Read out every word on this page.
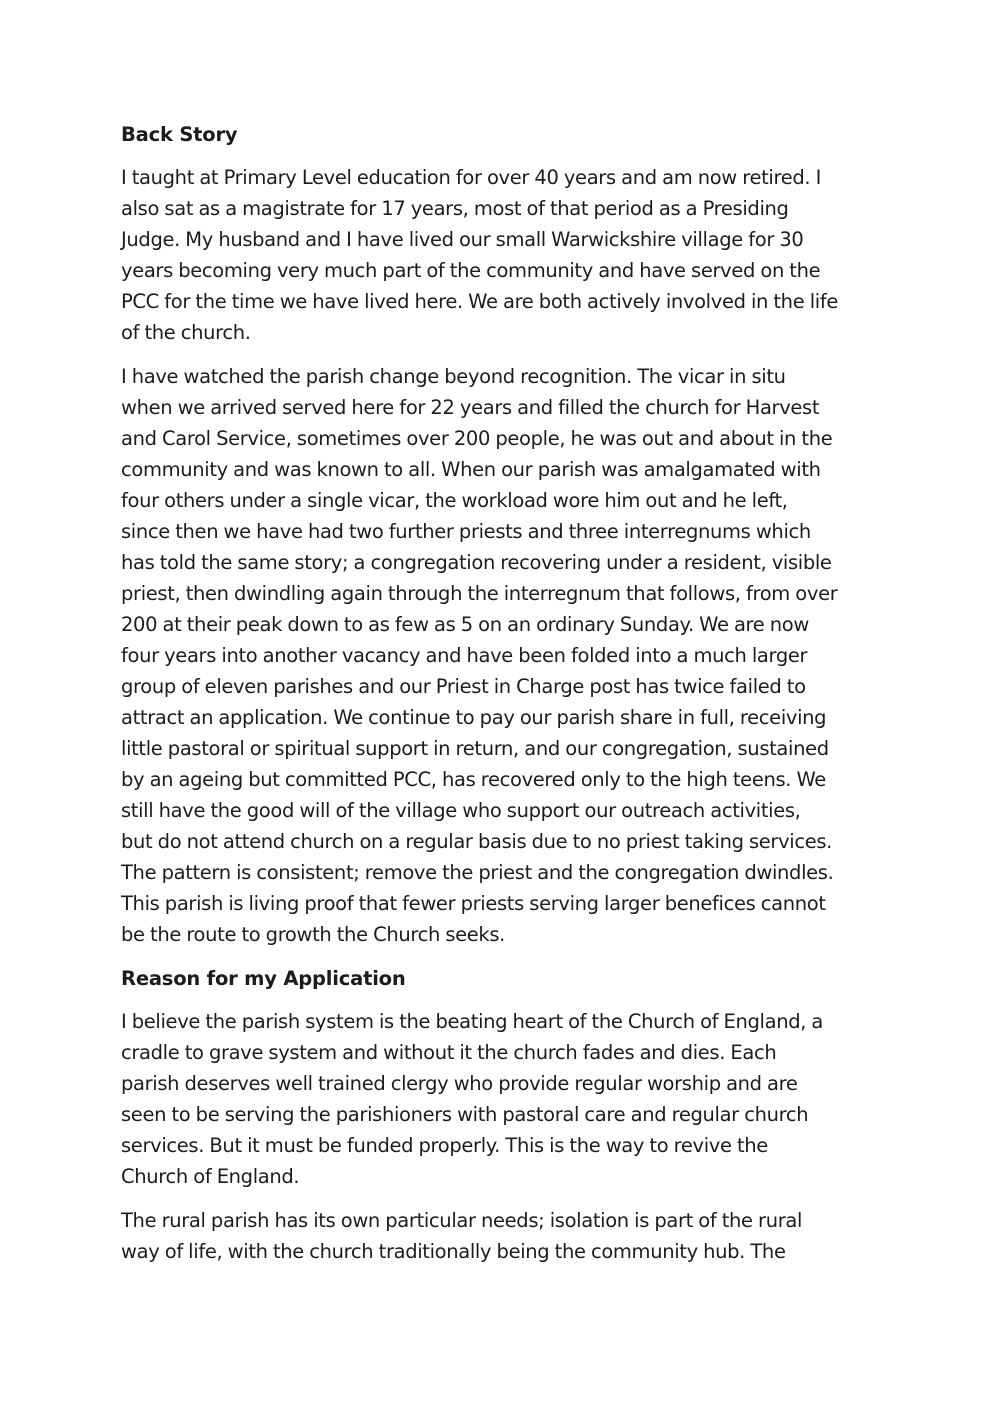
Back Story
I taught at Primary Level education for over 40 years and am now retired. I
also sat as a magistrate for 17 years, most of that period as a Presiding
Judge. My husband and I have lived our small Warwickshire village for 30
years becoming very much part of the community and have served on the
PCC for the time we have lived here. We are both actively involved in the life
of the church.
I have watched the parish change beyond recognition. The vicar in situ
when we arrived served here for 22 years and filled the church for Harvest
and Carol Service, sometimes over 200 people, he was out and about in the
community and was known to all. When our parish was amalgamated with
four others under a single vicar, the workload wore him out and he left,
since then we have had two further priests and three interregnums which
has told the same story; a congregation recovering under a resident, visible
priest, then dwindling again through the interregnum that follows, from over
200 at their peak down to as few as 5 on an ordinary Sunday. We are now
four years into another vacancy and have been folded into a much larger
group of eleven parishes and our Priest in Charge post has twice failed to
attract an application. We continue to pay our parish share in full, receiving
little pastoral or spiritual support in return, and our congregation, sustained
by an ageing but committed PCC, has recovered only to the high teens. We
still have the good will of the village who support our outreach activities,
but do not attend church on a regular basis due to no priest taking services.
The pattern is consistent; remove the priest and the congregation dwindles.
This parish is living proof that fewer priests serving larger benefices cannot
be the route to growth the Church seeks.
Reason for my Application
I believe the parish system is the beating heart of the Church of England, a
cradle to grave system and without it the church fades and dies. Each
parish deserves well trained clergy who provide regular worship and are
seen to be serving the parishioners with pastoral care and regular church
services. But it must be funded properly. This is the way to revive the
Church of England.
The rural parish has its own particular needs; isolation is part of the rural
way of life, with the church traditionally being the community hub. The
